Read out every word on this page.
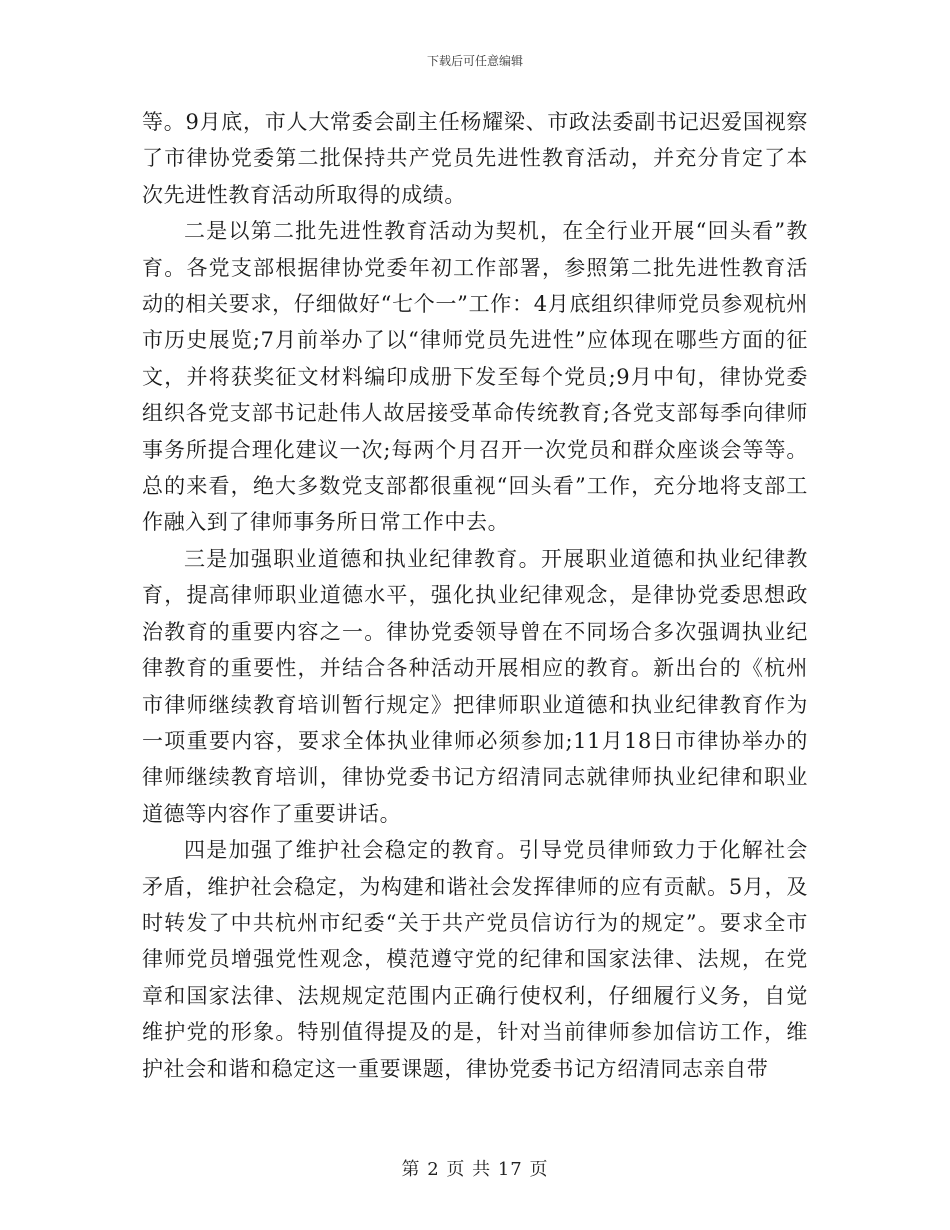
下载后可任意编辑

等。9月底，市人大常委会副主任杨耀梁、市政法委副书记迟爱国视察了市律协党委第二批保持共产党员先进性教育活动，并充分肯定了本次先进性教育活动所取得的成绩。

二是以第二批先进性教育活动为契机，在全行业开展“回头看”教育。各党支部根据律协党委年初工作部署，参照第二批先进性教育活动的相关要求，仔细做好“七个一”工作：4月底组织律师党员参观杭州市历史展览;7月前举办了以“律师党员先进性”应体现在哪些方面的征文，并将获奖征文材料编印成册下发至每个党员;9月中旬，律协党委组织各党支部书记赴伟人故居接受革命传统教育;各党支部每季向律师事务所提合理化建议一次;每两个月召开一次党员和群众座谈会等等。总的来看，绝大多数党支部都很重视“回头看”工作，充分地将支部工作融入到了律师事务所日常工作中去。

三是加强职业道德和执业纪律教育。开展职业道德和执业纪律教育，提高律师职业道德水平，强化执业纪律观念，是律协党委思想政治教育的重要内容之一。律协党委领导曾在不同场合多次强调执业纪律教育的重要性，并结合各种活动开展相应的教育。新出台的《杭州市律师继续教育培训暂行规定》把律师职业道德和执业纪律教育作为一项重要内容，要求全体执业律师必须参加;11月18日市律协举办的律师继续教育培训，律协党委书记方绍清同志就律师执业纪律和职业道德等内容作了重要讲话。

四是加强了维护社会稳定的教育。引导党员律师致力于化解社会矛盾，维护社会稳定，为构建和谐社会发挥律师的应有贡献。5月，及时转发了中共杭州市纪委“关于共产党员信访行为的规定”。要求全市律师党员增强党性观念，模范遵守党的纪律和国家法律、法规，在党章和国家法律、法规规定范围内正确行使权利，仔细履行义务，自觉维护党的形象。特别值得提及的是，针对当前律师参加信访工作，维护社会和谐和稳定这一重要课题，律协党委书记方绍清同志亲自带

第 2 页 共 17 页
